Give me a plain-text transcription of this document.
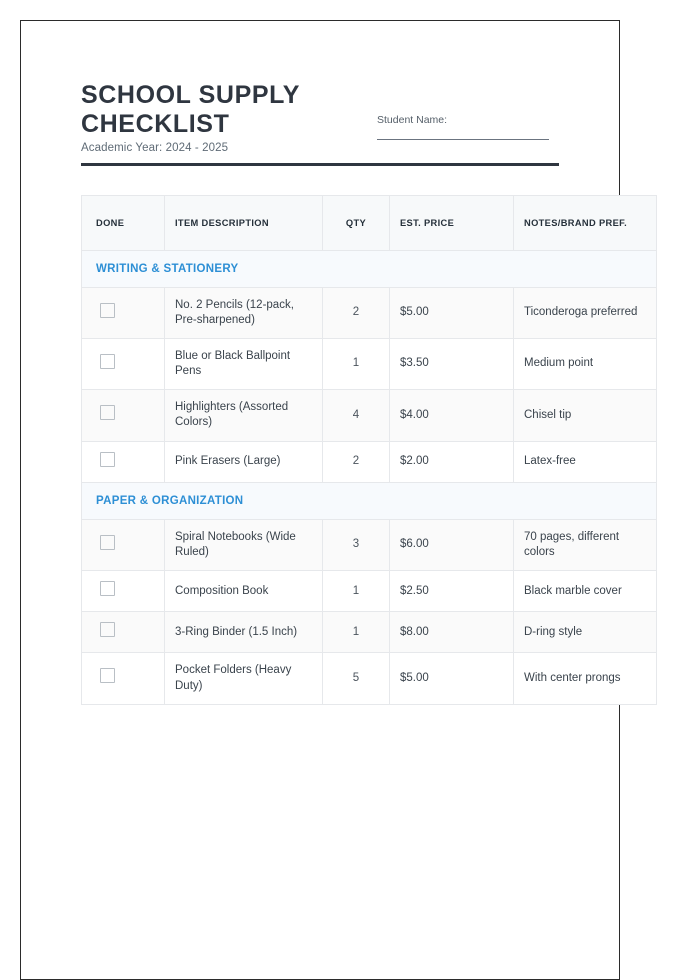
SCHOOL SUPPLY CHECKLIST
Academic Year: 2024 - 2025
Student Name:
DONE	ITEM DESCRIPTION	QTY	EST. PRICE	NOTES/BRAND PREF.
WRITING & STATIONERY				
	No. 2 Pencils (12-pack, Pre-sharpened)	2	$5.00	Ticonderoga preferred
	Blue or Black Ballpoint Pens	1	$3.50	Medium point
	Highlighters (Assorted Colors)	4	$4.00	Chisel tip
	Pink Erasers (Large)	2	$2.00	Latex-free
PAPER & ORGANIZATION				
	Spiral Notebooks (Wide Ruled)	3	$6.00	70 pages, different colors
	Composition Book	1	$2.50	Black marble cover
	3-Ring Binder (1.5 Inch)	1	$8.00	D-ring style
	Pocket Folders (Heavy Duty)	5	$5.00	With center prongs
